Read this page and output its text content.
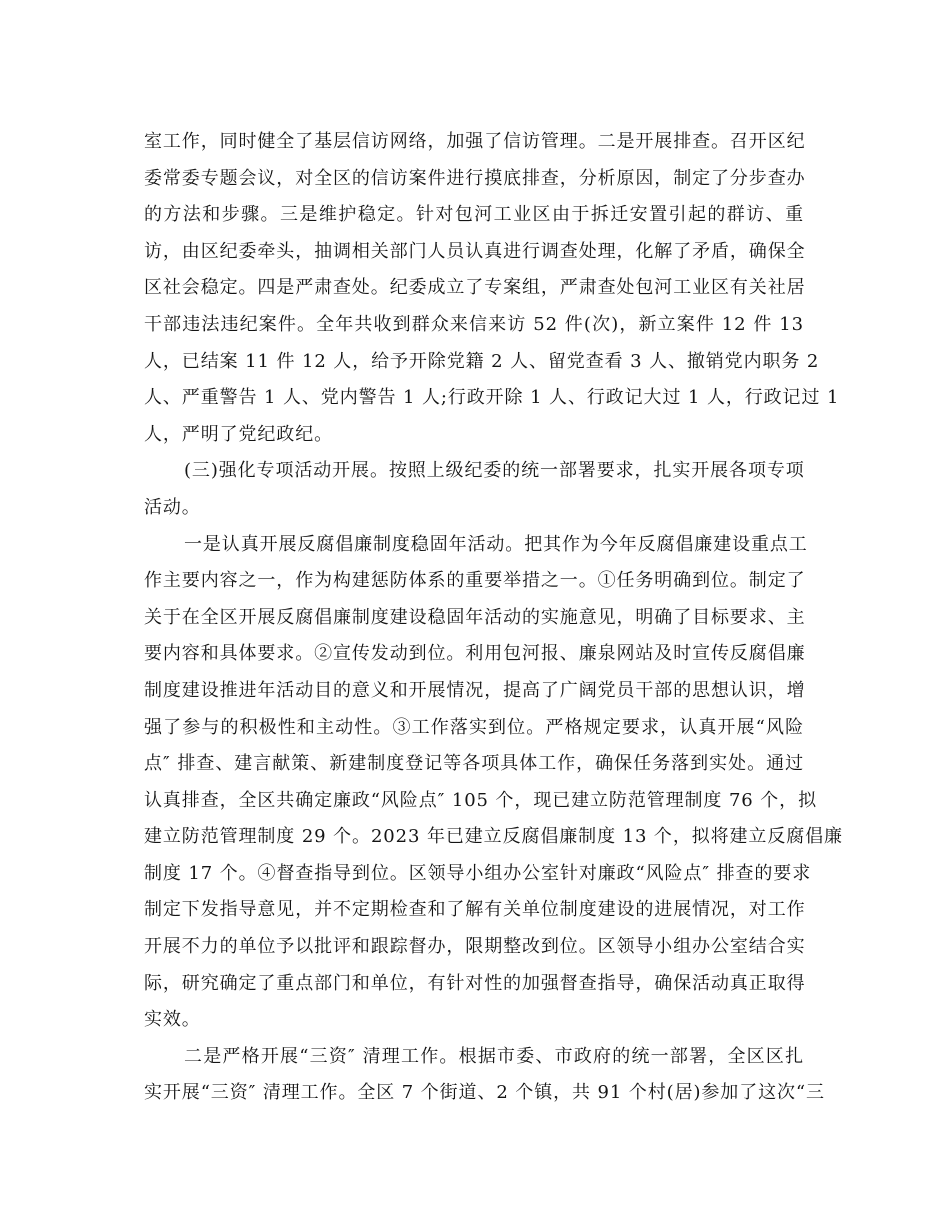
室工作，同时健全了基层信访网络，加强了信访管理。二是开展排查。召开区纪
委常委专题会议，对全区的信访案件进行摸底排查，分析原因，制定了分步查办
的方法和步骤。三是维护稳定。针对包河工业区由于拆迁安置引起的群访、重
访，由区纪委牵头，抽调相关部门人员认真进行调查处理，化解了矛盾，确保全
区社会稳定。四是严肃查处。纪委成立了专案组，严肃查处包河工业区有关社居
干部违法违纪案件。全年共收到群众来信来访 52 件(次)，新立案件 12 件 13
人，已结案 11 件 12 人，给予开除党籍 2 人、留党查看 3 人、撤销党内职务 2
人、严重警告 1 人、党内警告 1 人;行政开除 1 人、行政记大过 1 人，行政记过 1
人，严明了党纪政纪。
(三)强化专项活动开展。按照上级纪委的统一部署要求，扎实开展各项专项
活动。
一是认真开展反腐倡廉制度稳固年活动。把其作为今年反腐倡廉建设重点工
作主要内容之一，作为构建惩防体系的重要举措之一。①任务明确到位。制定了
关于在全区开展反腐倡廉制度建设稳固年活动的实施意见，明确了目标要求、主
要内容和具体要求。②宣传发动到位。利用包河报、廉泉网站及时宣传反腐倡廉
制度建设推进年活动目的意义和开展情况，提高了广阔党员干部的思想认识，增
强了参与的积极性和主动性。③工作落实到位。严格规定要求，认真开展“风险
点″ 排查、建言献策、新建制度登记等各项具体工作，确保任务落到实处。通过
认真排查，全区共确定廉政“风险点″ 105 个，现已建立防范管理制度 76 个，拟
建立防范管理制度 29 个。2023 年已建立反腐倡廉制度 13 个，拟将建立反腐倡廉
制度 17 个。④督查指导到位。区领导小组办公室针对廉政“风险点″ 排查的要求
制定下发指导意见，并不定期检查和了解有关单位制度建设的进展情况，对工作
开展不力的单位予以批评和跟踪督办，限期整改到位。区领导小组办公室结合实
际，研究确定了重点部门和单位，有针对性的加强督查指导，确保活动真正取得
实效。
二是严格开展“三资″ 清理工作。根据市委、市政府的统一部署，全区区扎
实开展“三资″ 清理工作。全区 7 个街道、2 个镇，共 91 个村(居)参加了这次“三
